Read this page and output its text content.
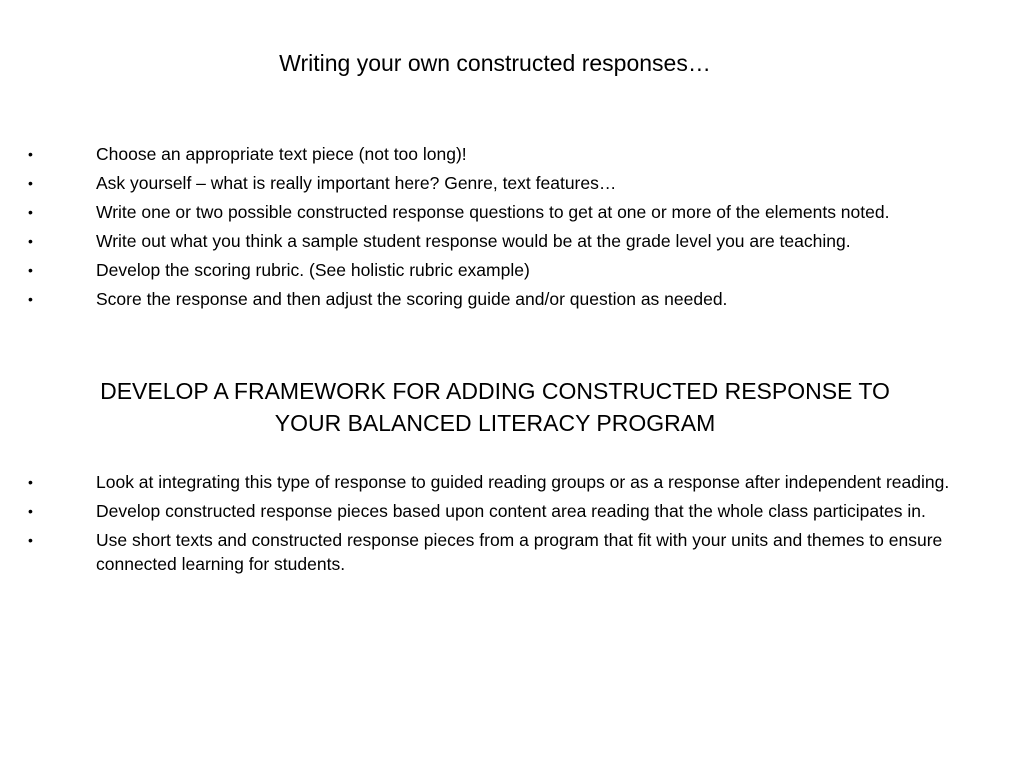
Writing your own constructed responses…
•	Choose an appropriate text piece (not too long)!
•	Ask yourself – what is really important here? Genre, text features…
•	Write one or two possible constructed response questions to get at one or more of the elements noted.
•	Write out what you think a sample student response would be at the grade level you are teaching.
•	Develop the scoring rubric. (See holistic rubric example)
•	Score the response and then adjust the scoring guide and/or question as needed.
DEVELOP A FRAMEWORK FOR ADDING CONSTRUCTED RESPONSE TO
YOUR BALANCED LITERACY PROGRAM
•	Look at integrating this type of response to guided reading groups or as a response after independent reading.
•	Develop constructed response pieces based upon content area reading that the whole class participates in.
•	Use short texts and constructed response pieces from a program that fit with your units and themes to ensure connected learning for students.
